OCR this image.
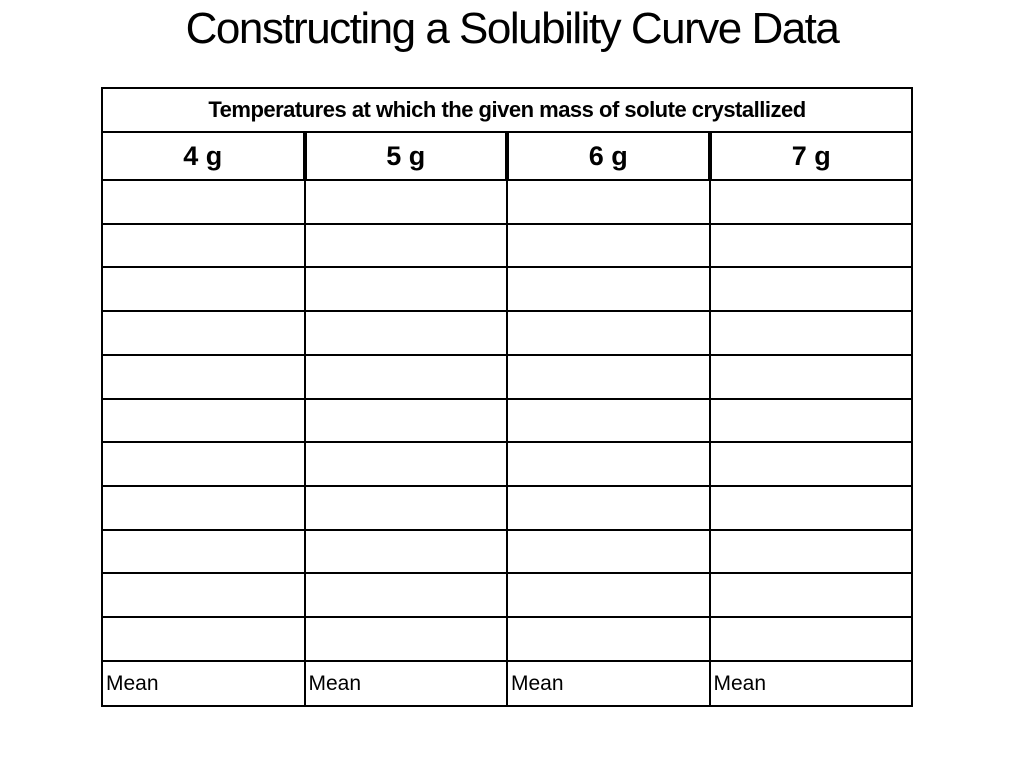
Constructing a Solubility Curve Data
Temperatures at which the given mass of solute crystallized			
4 g	5 g	6 g	7 g

Mean	Mean	Mean	Mean
